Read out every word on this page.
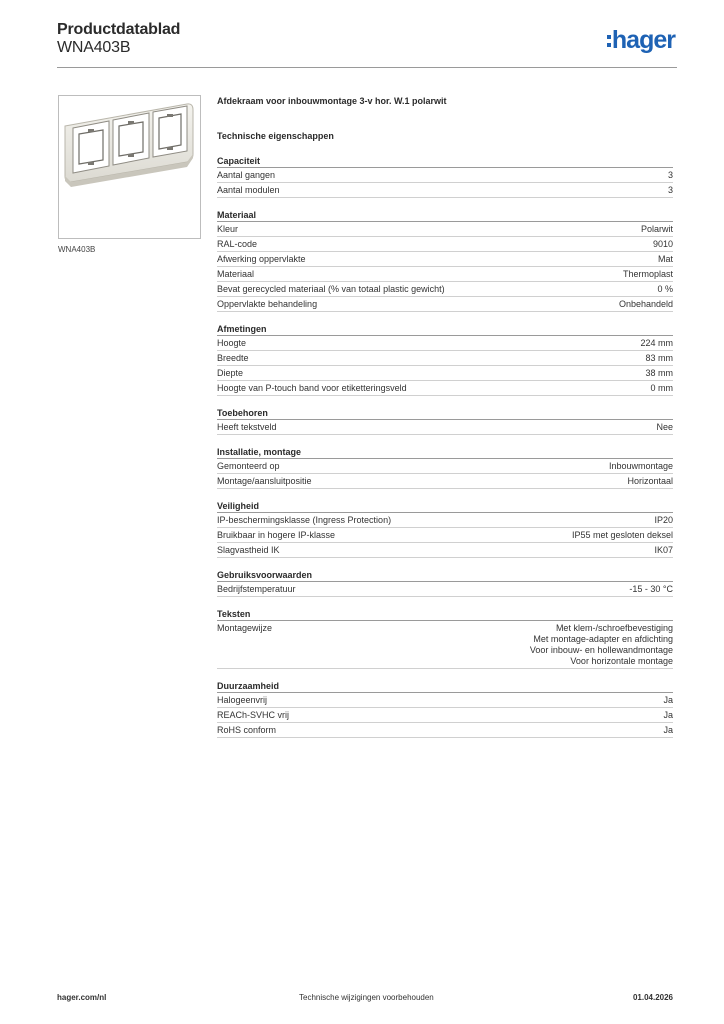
Productdatablad
WNA403B	hager
WNA403B
Afdekraam voor inbouwmontage 3-v hor. W.1 polarwit
Technische eigenschappen
Capaciteit
Aantal gangen	3
Aantal modulen	3
Materiaal
Kleur	Polarwit
RAL-code	9010
Afwerking oppervlakte	Mat
Materiaal	Thermoplast
Bevat gerecycled materiaal (% van totaal plastic gewicht)	0 %
Oppervlakte behandeling	Onbehandeld
Afmetingen
Hoogte	224 mm
Breedte	83 mm
Diepte	38 mm
Hoogte van P-touch band voor etiketteringsveld	0 mm
Toebehoren
Heeft tekstveld	Nee
Installatie, montage
Gemonteerd op	Inbouwmontage
Montage/aansluitpositie	Horizontaal
Veiligheid
IP-beschermingsklasse (Ingress Protection)	IP20
Bruikbaar in hogere IP-klasse	IP55 met gesloten deksel
Slagvastheid IK	IK07
Gebruiksvoorwaarden
Bedrijfstemperatuur	-15 - 30 °C
Teksten
Montagewijze	Met klem-/schroefbevestiging
Met montage-adapter en afdichting
Voor inbouw- en hollewandmontage
Voor horizontale montage
Duurzaamheid
Halogeenvrij	Ja
REACh-SVHC vrij	Ja
RoHS conform	Ja
hager.com/nl	Technische wijzigingen voorbehouden	01.04.2026
